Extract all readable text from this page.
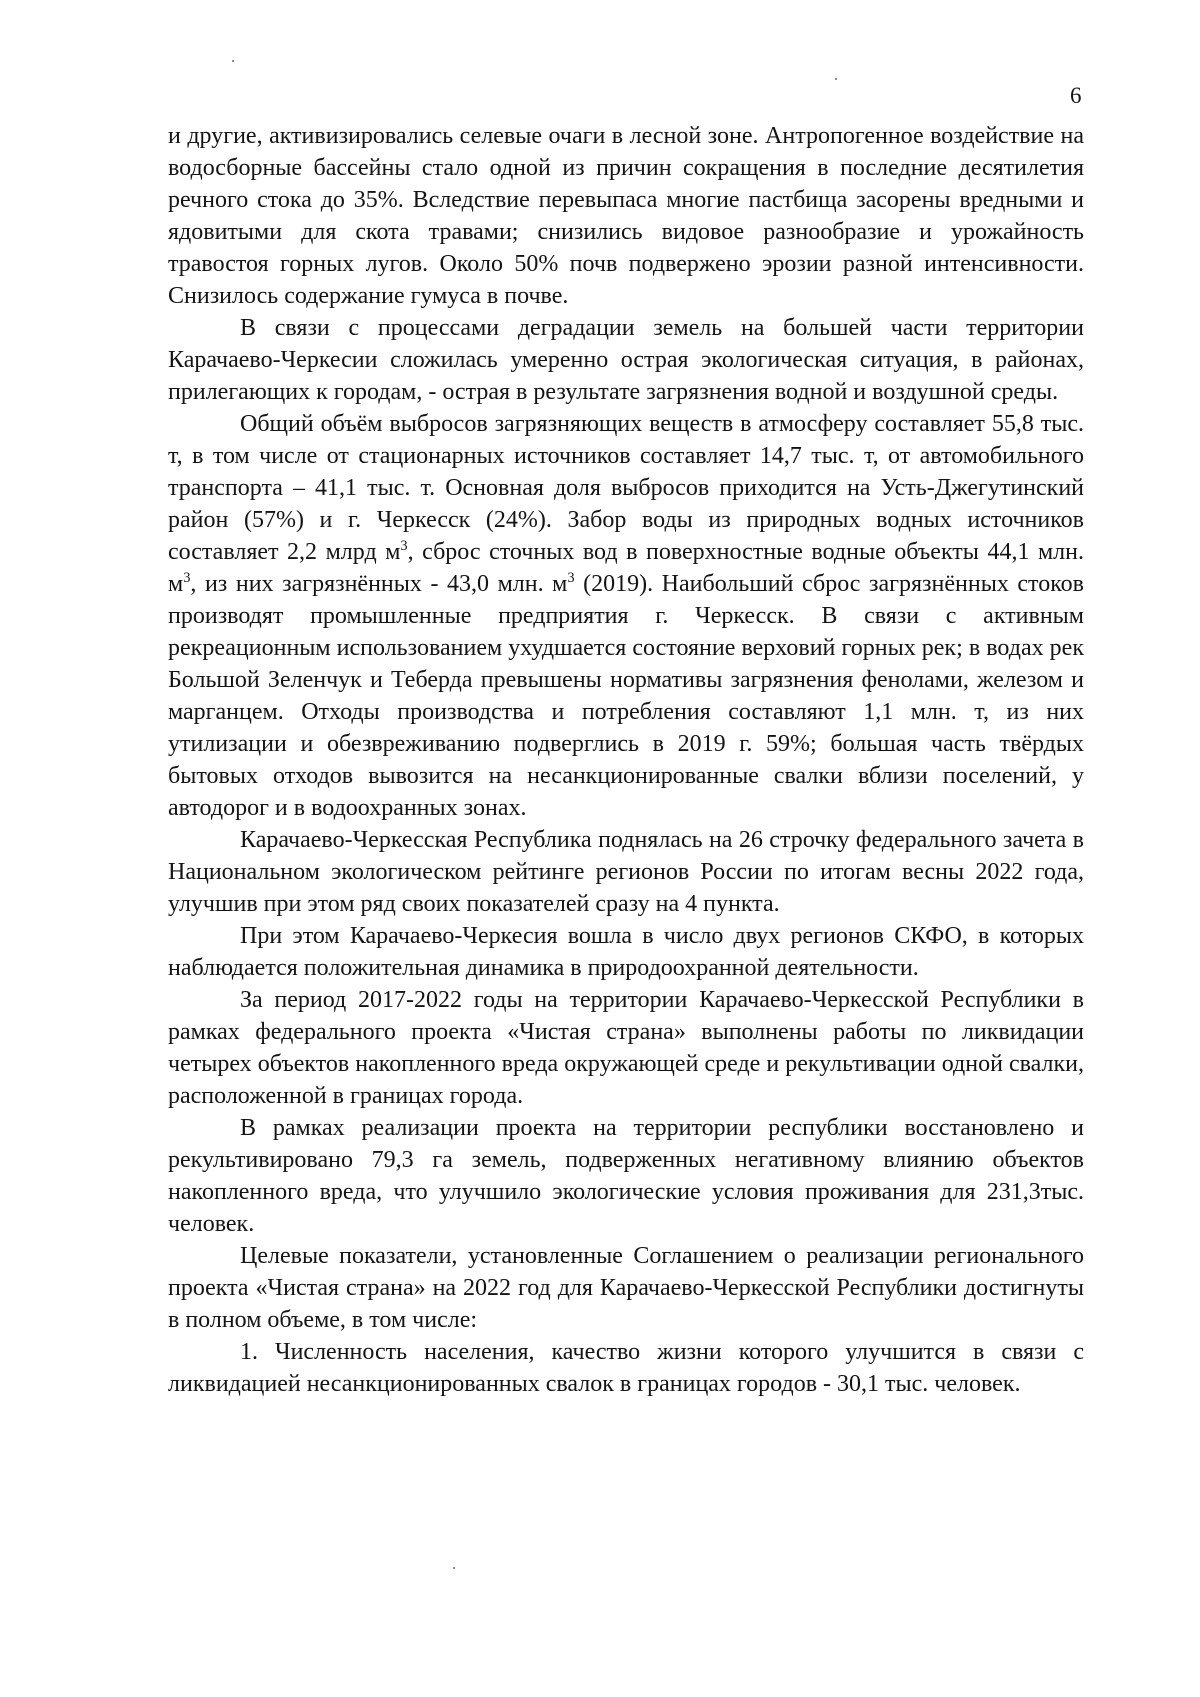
6

и другие, активизировались селевые очаги в лесной зоне. Антропогенное воздействие на водосборные бассейны стало одной из причин сокращения в последние десятилетия речного стока до 35%. Вследствие перевыпаса многие пастбища засорены вредными и ядовитыми для скота травами; снизились видовое разнообразие и урожайность травостоя горных лугов. Около 50% почв подвержено эрозии разной интенсивности. Снизилось содержание гумуса в почве.

В связи с процессами деградации земель на большей части территории Карачаево-Черкесии сложилась умеренно острая экологическая ситуация, в районах, прилегающих к городам, - острая в результате загрязнения водной и воздушной среды.

Общий объём выбросов загрязняющих веществ в атмосферу составляет 55,8 тыс. т, в том числе от стационарных источников составляет 14,7 тыс. т, от автомобильного транспорта – 41,1 тыс. т. Основная доля выбросов приходится на Усть-Джегутинский район (57%) и г. Черкесск (24%). Забор воды из природных водных источников составляет 2,2 млрд $м^3$, сброс сточных вод в поверхностные водные объекты 44,1 млн. $м^3$, из них загрязнённых - 43,0 млн. $м^3$ (2019). Наибольший сброс загрязнённых стоков производят промышленные предприятия г. Черкесск. В связи с активным рекреационным использованием ухудшается состояние верховий горных рек; в водах рек Большой Зеленчук и Теберда превышены нормативы загрязнения фенолами, железом и марганцем. Отходы производства и потребления составляют 1,1 млн. т, из них утилизации и обезвреживанию подверглись в 2019 г. 59%; большая часть твёрдых бытовых отходов вывозится на несанкционированные свалки вблизи поселений, у автодорог и в водоохранных зонах.

Карачаево-Черкесская Республика поднялась на 26 строчку федерального зачета в Национальном экологическом рейтинге регионов России по итогам весны 2022 года, улучшив при этом ряд своих показателей сразу на 4 пункта.

При этом Карачаево-Черкесия вошла в число двух регионов СКФО, в которых наблюдается положительная динамика в природоохранной деятельности.

За период 2017-2022 годы на территории Карачаево-Черкесской Республики в рамках федерального проекта «Чистая страна» выполнены работы по ликвидации четырех объектов накопленного вреда окружающей среде и рекультивации одной свалки, расположенной в границах города.

В рамках реализации проекта на территории республики восстановлено и рекультивировано 79,3 га земель, подверженных негативному влиянию объектов накопленного вреда, что улучшило экологические условия проживания для 231,3тыс. человек.

Целевые показатели, установленные Соглашением о реализации регионального проекта «Чистая страна» на 2022 год для Карачаево-Черкесской Республики достигнуты в полном объеме, в том числе:

1. Численность населения, качество жизни которого улучшится в связи с ликвидацией несанкционированных свалок в границах городов - 30,1 тыс. человек.
